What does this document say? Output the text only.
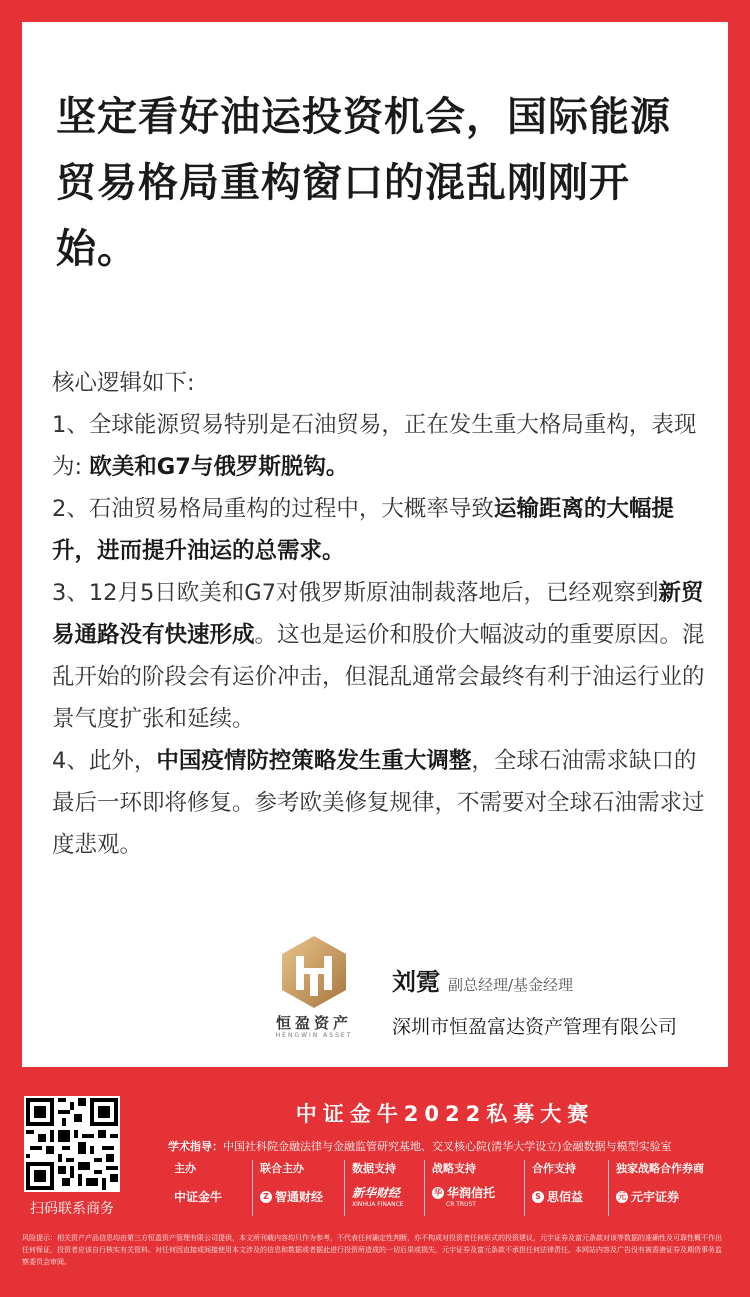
坚定看好油运投资机会，国际能源贸易格局重构窗口的混乱刚刚开始。

核心逻辑如下:

1、全球能源贸易特别是石油贸易，正在发生重大格局重构，表现为: 欧美和G7与俄罗斯脱钩。

2、石油贸易格局重构的过程中，大概率导致运输距离的大幅提升，进而提升油运的总需求。

3、12月5日欧美和G7对俄罗斯原油制裁落地后，已经观察到新贸易通路没有快速形成。这也是运价和股价大幅波动的重要原因。混乱开始的阶段会有运价冲击，但混乱通常会最终有利于油运行业的景气度扩张和延续。

4、此外，中国疫情防控策略发生重大调整，全球石油需求缺口的最后一环即将修复。参考欧美修复规律，不需要对全球石油需求过度悲观。

恒盈资产
HENGWIN ASSET
刘霓 副总经理/基金经理
深圳市恒盈富达资产管理有限公司
扫码联系商务
中证金牛2022私募大赛
学术指导：中国社科院金融法律与金融监管研究基地、交叉核心院(清华大学设立)金融数据与模型实验室
主办
中证金牛
联合主办
Z 智通财经
数据支持
新华财经
XINHUA FINANCE
战略支持
华 华润信托
CR TRUST
合作支持
S 思佰益
独家战略合作券商
元 元宇证券
风险提示：相关资产产品信息均由第三方恒盈资产管理有限公司提供，本文所刊载内容均只作为参考，不代表任何确定性判断，亦不构成对投资者任何形式的投资建议，元宇证券及富元条款对该等数据的准确性及可靠性概不作出任何保证，投资者应该自行核实有关资料。对任何因直接或间接使用本文涉及的信息和数据或者据此进行投资所造成的一切后果或损失，元宇证券及富元条款不承担任何法律责任。本网站内容及广告没有被香港证券及期货事务监察委员会审阅。
